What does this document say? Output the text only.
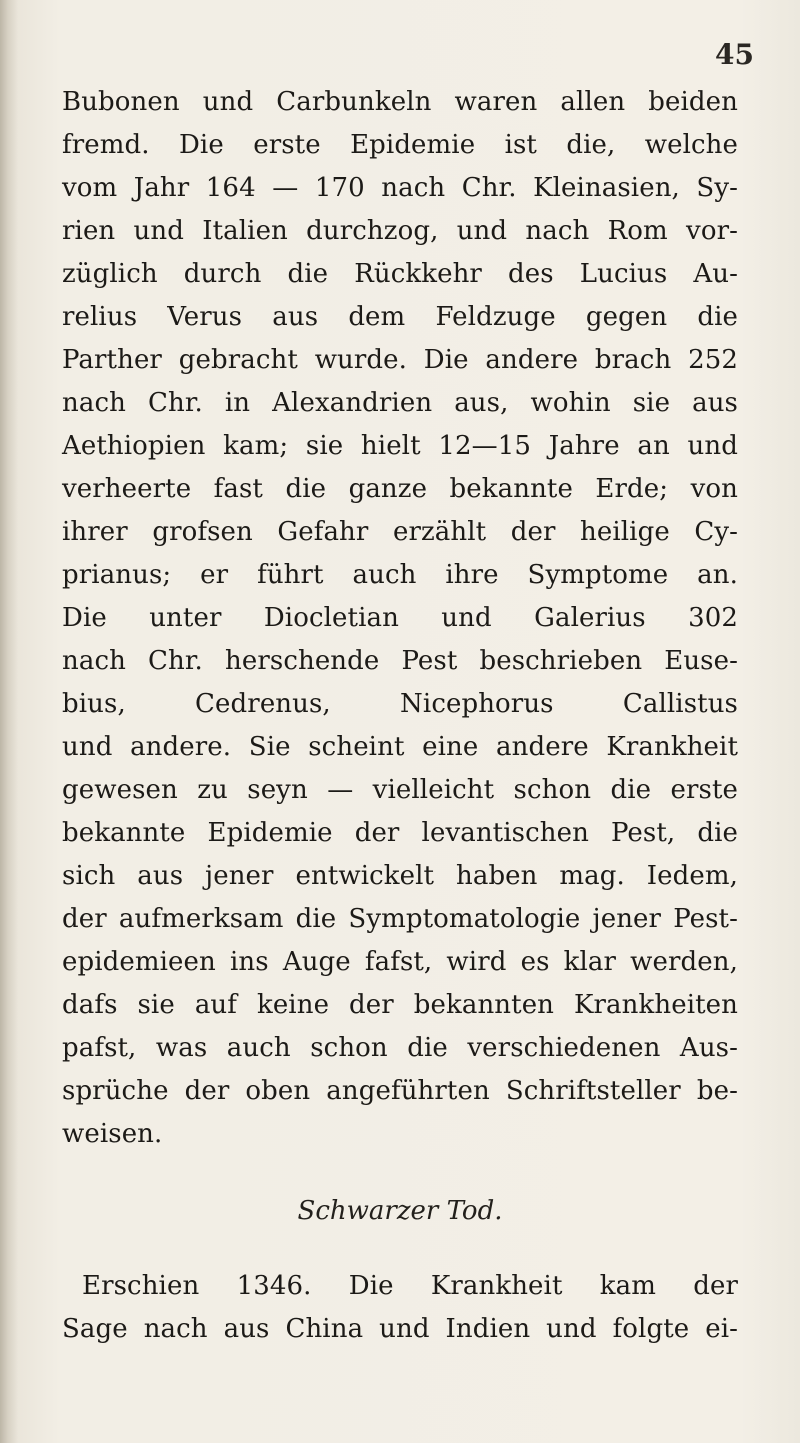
45
Bubonen und Carbunkeln waren allen beiden
fremd. Die erste Epidemie ist die, welche
vom Jahr 164 — 170 nach Chr. Kleinasien, Sy-
rien und Italien durchzog, und nach Rom vor-
züglich durch die Rückkehr des Lucius Au-
relius Verus aus dem Feldzuge gegen die
Parther gebracht wurde. Die andere brach 252
nach Chr. in Alexandrien aus, wohin sie aus
Aethiopien kam; sie hielt 12—15 Jahre an und
verheerte fast die ganze bekannte Erde; von
ihrer grofsen Gefahr erzählt der heilige Cy-
prianus; er führt auch ihre Symptome an.
Die unter Diocletian und Galerius 302
nach Chr. herschende Pest beschrieben Euse-
bius, Cedrenus, Nicephorus Callistus
und andere. Sie scheint eine andere Krankheit
gewesen zu seyn — vielleicht schon die erste
bekannte Epidemie der levantischen Pest, die
sich aus jener entwickelt haben mag. Iedem,
der aufmerksam die Symptomatologie jener Pest-
epidemieen ins Auge fafst, wird es klar werden,
dafs sie auf keine der bekannten Krankheiten
pafst, was auch schon die verschiedenen Aus-
sprüche der oben angeführten Schriftsteller be-
weisen.
Schwarzer Tod.
Erschien 1346. Die Krankheit kam der
Sage nach aus China und Indien und folgte ei-
